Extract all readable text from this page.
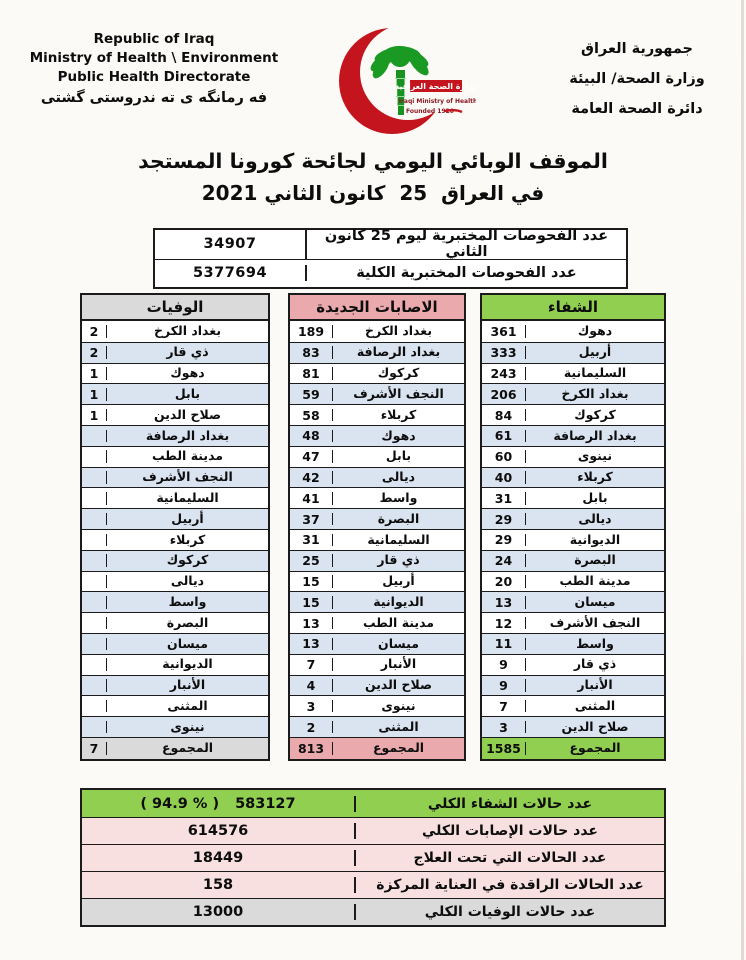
Republic of Iraq
Ministry of Health \ Environment
Public Health Directorate
فه رمانگه ی ته ندروستی گشتی
وزارة الصحة العراقية
Iraqi Ministry of Health
Founded 1920
جمهورية العراق
وزارة الصحة/ البيئة
دائرة الصحة العامة
الموقف الوبائي اليومي لجائحة كورونا المستجد
في العراق  25  كانون الثاني 2021
عدد الفحوصات المختبرية ليوم 25 كانون الثاني
34907
عدد الفحوصات المختبرية الكلية
5377694
الوفيات
بغداد الكرخ
2
ذي قار
2
دهوك
1
بابل
1
صلاح الدين
1
بغداد الرصافة
مدينة الطب
النجف الأشرف
السليمانية
أربيل
كربلاء
كركوك
ديالى
واسط
البصرة
ميسان
الديوانية
الأنبار
المثنى
نينوى
المجموع
7
الاصابات الجديدة
بغداد الكرخ
189
بغداد الرصافة
83
كركوك
81
النجف الأشرف
59
كربلاء
58
دهوك
48
بابل
47
ديالى
42
واسط
41
البصرة
37
السليمانية
31
ذي قار
25
أربيل
15
الديوانية
15
مدينة الطب
13
ميسان
13
الأنبار
7
صلاح الدين
4
نينوى
3
المثنى
2
المجموع
813
الشفاء
دهوك
361
أربيل
333
السليمانية
243
بغداد الكرخ
206
كركوك
84
بغداد الرصافة
61
نينوى
60
كربلاء
40
بابل
31
ديالى
29
الديوانية
29
البصرة
24
مدينة الطب
20
ميسان
13
النجف الأشرف
12
واسط
11
ذي قار
9
الأنبار
9
المثنى
7
صلاح الدين
3
المجموع
1585
عدد حالات الشفاء الكلي
( 94.9 % ) 583127
عدد حالات الإصابات الكلي
614576
عدد الحالات التي تحت العلاج
18449
عدد الحالات الراقدة في العناية المركزة
158
عدد حالات الوفيات الكلي
13000
